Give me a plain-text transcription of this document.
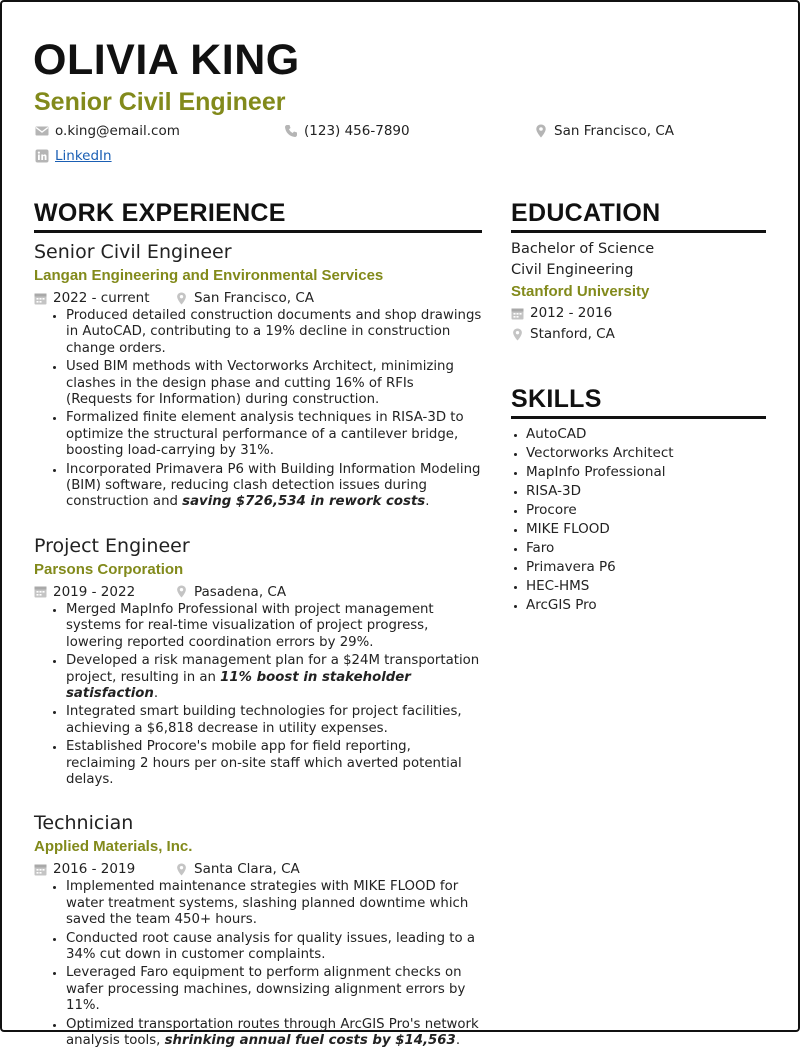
OLIVIA KING
Senior Civil Engineer
o.king@email.com	(123) 456-7890	San Francisco, CA
LinkedIn
WORK EXPERIENCE
Senior Civil Engineer
Langan Engineering and Environmental Services
2022 - current	San Francisco, CA
• Produced detailed construction documents and shop drawings in AutoCAD, contributing to a 19% decline in construction change orders.
• Used BIM methods with Vectorworks Architect, minimizing clashes in the design phase and cutting 16% of RFIs (Requests for Information) during construction.
• Formalized finite element analysis techniques in RISA-3D to optimize the structural performance of a cantilever bridge, boosting load-carrying by 31%.
• Incorporated Primavera P6 with Building Information Modeling (BIM) software, reducing clash detection issues during construction and saving $726,534 in rework costs.
Project Engineer
Parsons Corporation
2019 - 2022	Pasadena, CA
• Merged MapInfo Professional with project management systems for real-time visualization of project progress, lowering reported coordination errors by 29%.
• Developed a risk management plan for a $24M transportation project, resulting in an 11% boost in stakeholder satisfaction.
• Integrated smart building technologies for project facilities, achieving a $6,818 decrease in utility expenses.
• Established Procore's mobile app for field reporting, reclaiming 2 hours per on-site staff which averted potential delays.
Technician
Applied Materials, Inc.
2016 - 2019	Santa Clara, CA
• Implemented maintenance strategies with MIKE FLOOD for water treatment systems, slashing planned downtime which saved the team 450+ hours.
• Conducted root cause analysis for quality issues, leading to a 34% cut down in customer complaints.
• Leveraged Faro equipment to perform alignment checks on wafer processing machines, downsizing alignment errors by 11%.
• Optimized transportation routes through ArcGIS Pro's network analysis tools, shrinking annual fuel costs by $14,563.
EDUCATION
Bachelor of Science
Civil Engineering
Stanford University
2012 - 2016
Stanford, CA
SKILLS
• AutoCAD
• Vectorworks Architect
• MapInfo Professional
• RISA-3D
• Procore
• MIKE FLOOD
• Faro
• Primavera P6
• HEC-HMS
• ArcGIS Pro
